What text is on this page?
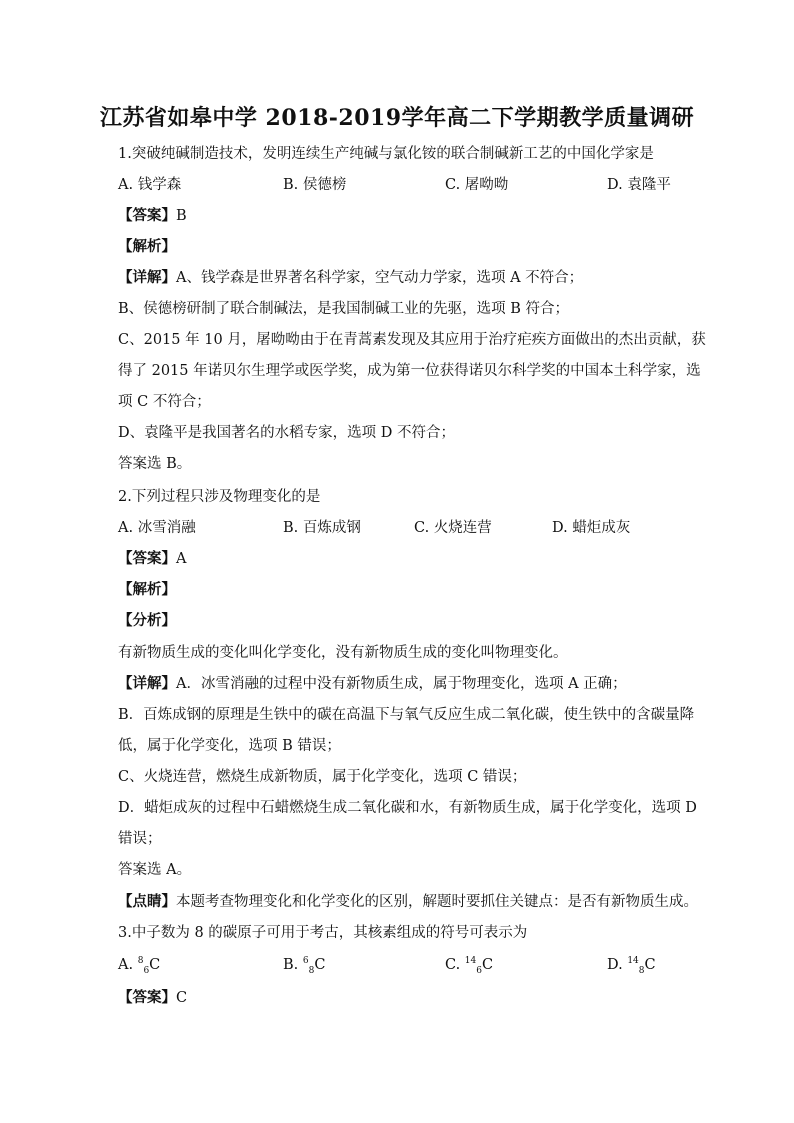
江苏省如皋中学 2018-2019学年高二下学期教学质量调研
1.突破纯碱制造技术，发明连续生产纯碱与氯化铵的联合制碱新工艺的中国化学家是
A. 钱学森	B. 侯德榜	C. 屠呦呦	D. 袁隆平
【答案】B
【解析】
【详解】A、钱学森是世界著名科学家，空气动力学家，选项 A 不符合；
B、侯德榜研制了联合制碱法，是我国制碱工业的先驱，选项 B 符合；
C、2015 年 10 月，屠呦呦由于在青蒿素发现及其应用于治疗疟疾方面做出的杰出贡献，获
得了 2015 年诺贝尔生理学或医学奖，成为第一位获得诺贝尔科学奖的中国本土科学家，选
项 C 不符合；
D、袁隆平是我国著名的水稻专家，选项 D 不符合；
答案选 B。
2.下列过程只涉及物理变化的是
A. 冰雪消融	B. 百炼成钢	C. 火烧连营	D. 蜡炬成灰
【答案】A
【解析】
【分析】
有新物质生成的变化叫化学变化，没有新物质生成的变化叫物理变化。
【详解】A．冰雪消融的过程中没有新物质生成，属于物理变化，选项 A 正确；
B．百炼成钢的原理是生铁中的碳在高温下与氧气反应生成二氧化碳，使生铁中的含碳量降
低，属于化学变化，选项 B 错误；
C、火烧连营，燃烧生成新物质，属于化学变化，选项 C 错误；
D．蜡炬成灰的过程中石蜡燃烧生成二氧化碳和水，有新物质生成，属于化学变化，选项 D
错误；
答案选 A。
【点睛】本题考查物理变化和化学变化的区别，解题时要抓住关键点：是否有新物质生成。
3.中子数为 8 的碳原子可用于考古，其核素组成的符号可表示为
A. $^8_6$C	B. $^6_8$C	C. $^{14}_6$C	D. $^{14}_8$C
【答案】C
